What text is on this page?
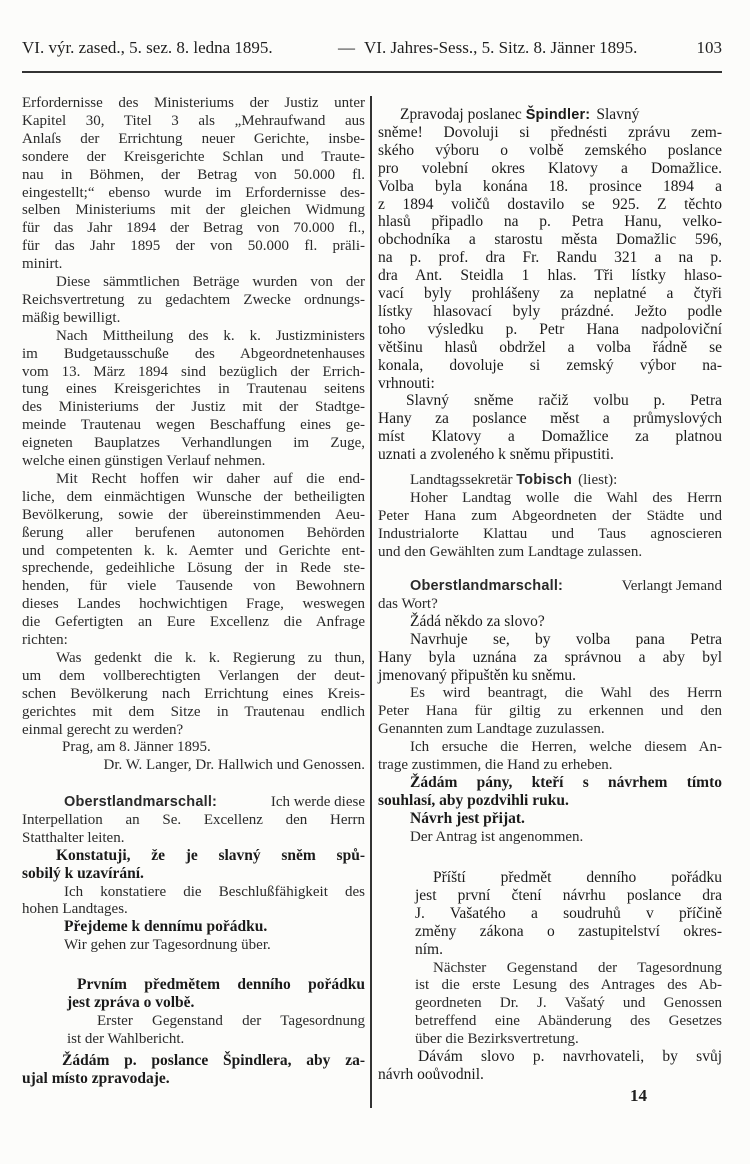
VI. výr. zased., 5. sez. 8. ledna 1895.	— VI. Jahres-Sess., 5. Sitz. 8. Jänner 1895.	103
Erfordernisse des Ministeriums der Justiz unter
Kapitel 30, Titel 3 als „Mehraufwand aus
Anlaſs der Errichtung neuer Gerichte, insbe-
sondere der Kreisgerichte Schlan und Traute-
nau in Böhmen, der Betrag von 50.000 fl.
eingestellt;“ ebenso wurde im Erfordernisse des-
selben Ministeriums mit der gleichen Widmung
für das Jahr 1894 der Betrag von 70.000 fl.,
für das Jahr 1895 der von 50.000 fl. präli-
minirt.
Diese sämmtlichen Beträge wurden von der
Reichsvertretung zu gedachtem Zwecke ordnungs-
mäßig bewilligt.
Nach Mittheilung des k. k. Justizministers
im Budgetausschuße des Abgeordnetenhauses
vom 13. März 1894 sind bezüglich der Errich-
tung eines Kreisgerichtes in Trautenau seitens
des Ministeriums der Justiz mit der Stadtge-
meinde Trautenau wegen Beschaffung eines ge-
eigneten Bauplatzes Verhandlungen im Zuge,
welche einen günstigen Verlauf nehmen.
Mit Recht hoffen wir daher auf die end-
liche, dem einmächtigen Wunsche der betheiligten
Bevölkerung, sowie der übereinstimmenden Aeu-
ßerung aller berufenen autonomen Behörden
und competenten k. k. Aemter und Gerichte ent-
sprechende, gedeihliche Lösung der in Rede ste-
henden, für viele Tausende von Bewohnern
dieses Landes hochwichtigen Frage, weswegen
die Gefertigten an Eure Excellenz die Anfrage
richten:
Was gedenkt die k. k. Regierung zu thun,
um dem vollberechtigten Verlangen der deut-
schen Bevölkerung nach Errichtung eines Kreis-
gerichtes mit dem Sitze in Trautenau endlich
einmal gerecht zu werden?
Prag, am 8. Jänner 1895.
Dr. W. Langer, Dr. Hallwich und Genossen.
Oberstlandmarschall:	Ich werde diese
Interpellation an Se. Excellenz den Herrn
Statthalter leiten.
Konstatuji, že je slavný sněm spů-
sobilý k uzavírání.
Ich konstatiere die Beschlußfähigkeit des
hohen Landtages.
Přejdeme k dennímu pořádku.
Wir gehen zur Tagesordnung über.
Prvním předmětem denního pořádku
jest zpráva o volbě.
Erster Gegenstand der Tagesordnung
ist der Wahlbericht.
Žádám p. poslance Špindlera, aby za-
ujal místo zpravodaje.
Zpravodaj poslanec Špindler: Slavný
sněme! Dovoluji si přednésti zprávu zem-
ského výboru o volbě zemského poslance
pro volební okres Klatovy a Domažlice.
Volba byla konána 18. prosince 1894 a
z 1894 voličů dostavilo se 925. Z těchto
hlasů připadlo na p. Petra Hanu, velko-
obchodníka a starostu města Domažlic 596,
na p. prof. dra Fr. Randu 321 a na p.
dra Ant. Steidla 1 hlas. Tři lístky hlaso-
vací byly prohlášeny za neplatné a čtyři
lístky hlasovací byly prázdné. Ježto podle
toho výsledku p. Petr Hana nadpoloviční
většinu hlasů obdržel a volba řádně se
konala, dovoluje si zemský výbor na-
vrhnouti:
Slavný sněme račiž volbu p. Petra
Hany za poslance měst a průmyslových
míst Klatovy a Domažlice za platnou
uznati a zvoleného k sněmu připustiti.
Landtagssekretär Tobisch (liest):
Hoher Landtag wolle die Wahl des Herrn
Peter Hana zum Abgeordneten der Städte und
Industrialorte Klattau und Taus agnoscieren
und den Gewählten zum Landtage zulassen.
Oberstlandmarschall:	Verlangt Jemand
das Wort?
Žádá někdo za slovo?
Navrhuje se, by volba pana Petra
Hany byla uznána za správnou a aby byl
jmenovaný připuštěn ku sněmu.
Es wird beantragt, die Wahl des Herrn
Peter Hana für giltig zu erkennen und den
Genannten zum Landtage zuzulassen.
Ich ersuche die Herren, welche diesem An-
trage zustimmen, die Hand zu erheben.
Žádám pány, kteří s návrhem tímto
souhlasí, aby pozdvihli ruku.
Návrh jest přijat.
Der Antrag ist angenommen.
Příští předmět denního pořádku
jest první čtení návrhu poslance dra
J. Vašatého a soudruhů v příčině
změny zákona o zastupitelství okres-
ním.
Nächster Gegenstand der Tagesordnung
ist die erste Lesung des Antrages des Ab-
geordneten Dr. J. Vašatý und Genossen
betreffend eine Abänderung des Gesetzes
über die Bezirksvertretung.
Dávám slovo p. navrhovateli, by svůj
návrh ooůvodnil.
14
